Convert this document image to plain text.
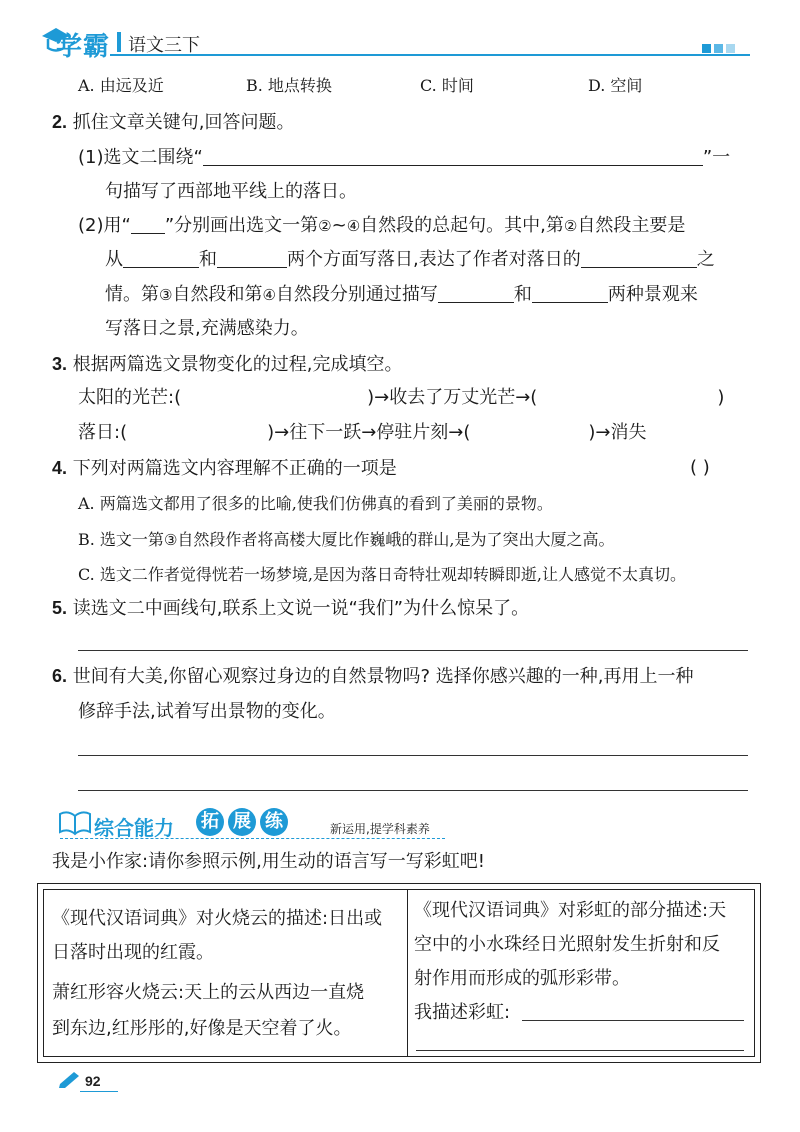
学霸 语文三下
A. 由远及近	B. 地点转换	C. 时间	D. 空间
2. 抓住文章关键句,回答问题。
(1)选文二围绕“	”一
句描写了西部地平线上的落日。
(2)用“ ”分别画出选文一第②~④自然段的总起句。其中,第②自然段主要是
从	和	两个方面写落日,表达了作者对落日的	之
情。第③自然段和第④自然段分别通过描写	和	两种景观来
写落日之景,充满感染力。
3. 根据两篇选文景物变化的过程,完成填空。
太阳的光芒:(	)→收去了万丈光芒→(	)
落日:(	)→往下一跃→停驻片刻→(	)→消失
4. 下列对两篇选文内容理解不正确的一项是	( )
A. 两篇选文都用了很多的比喻,使我们仿佛真的看到了美丽的景物。
B. 选文一第③自然段作者将高楼大厦比作巍峨的群山,是为了突出大厦之高。
C. 选文二作者觉得恍若一场梦境,是因为落日奇特壮观却转瞬即逝,让人感觉不太真切。
5. 读选文二中画线句,联系上文说一说“我们”为什么惊呆了。
6. 世间有大美,你留心观察过身边的自然景物吗? 选择你感兴趣的一种,再用上一种
修辞手法,试着写出景物的变化。
综合能力 拓 展 练	新运用,提学科素养
我是小作家:请你参照示例,用生动的语言写一写彩虹吧!
《现代汉语词典》对火烧云的描述:日出或
日落时出现的红霞。
萧红形容火烧云:天上的云从西边一直烧
到东边,红彤彤的,好像是天空着了火。
《现代汉语词典》对彩虹的部分描述:天
空中的小水珠经日光照射发生折射和反
射作用而形成的弧形彩带。
我描述彩虹:
92
